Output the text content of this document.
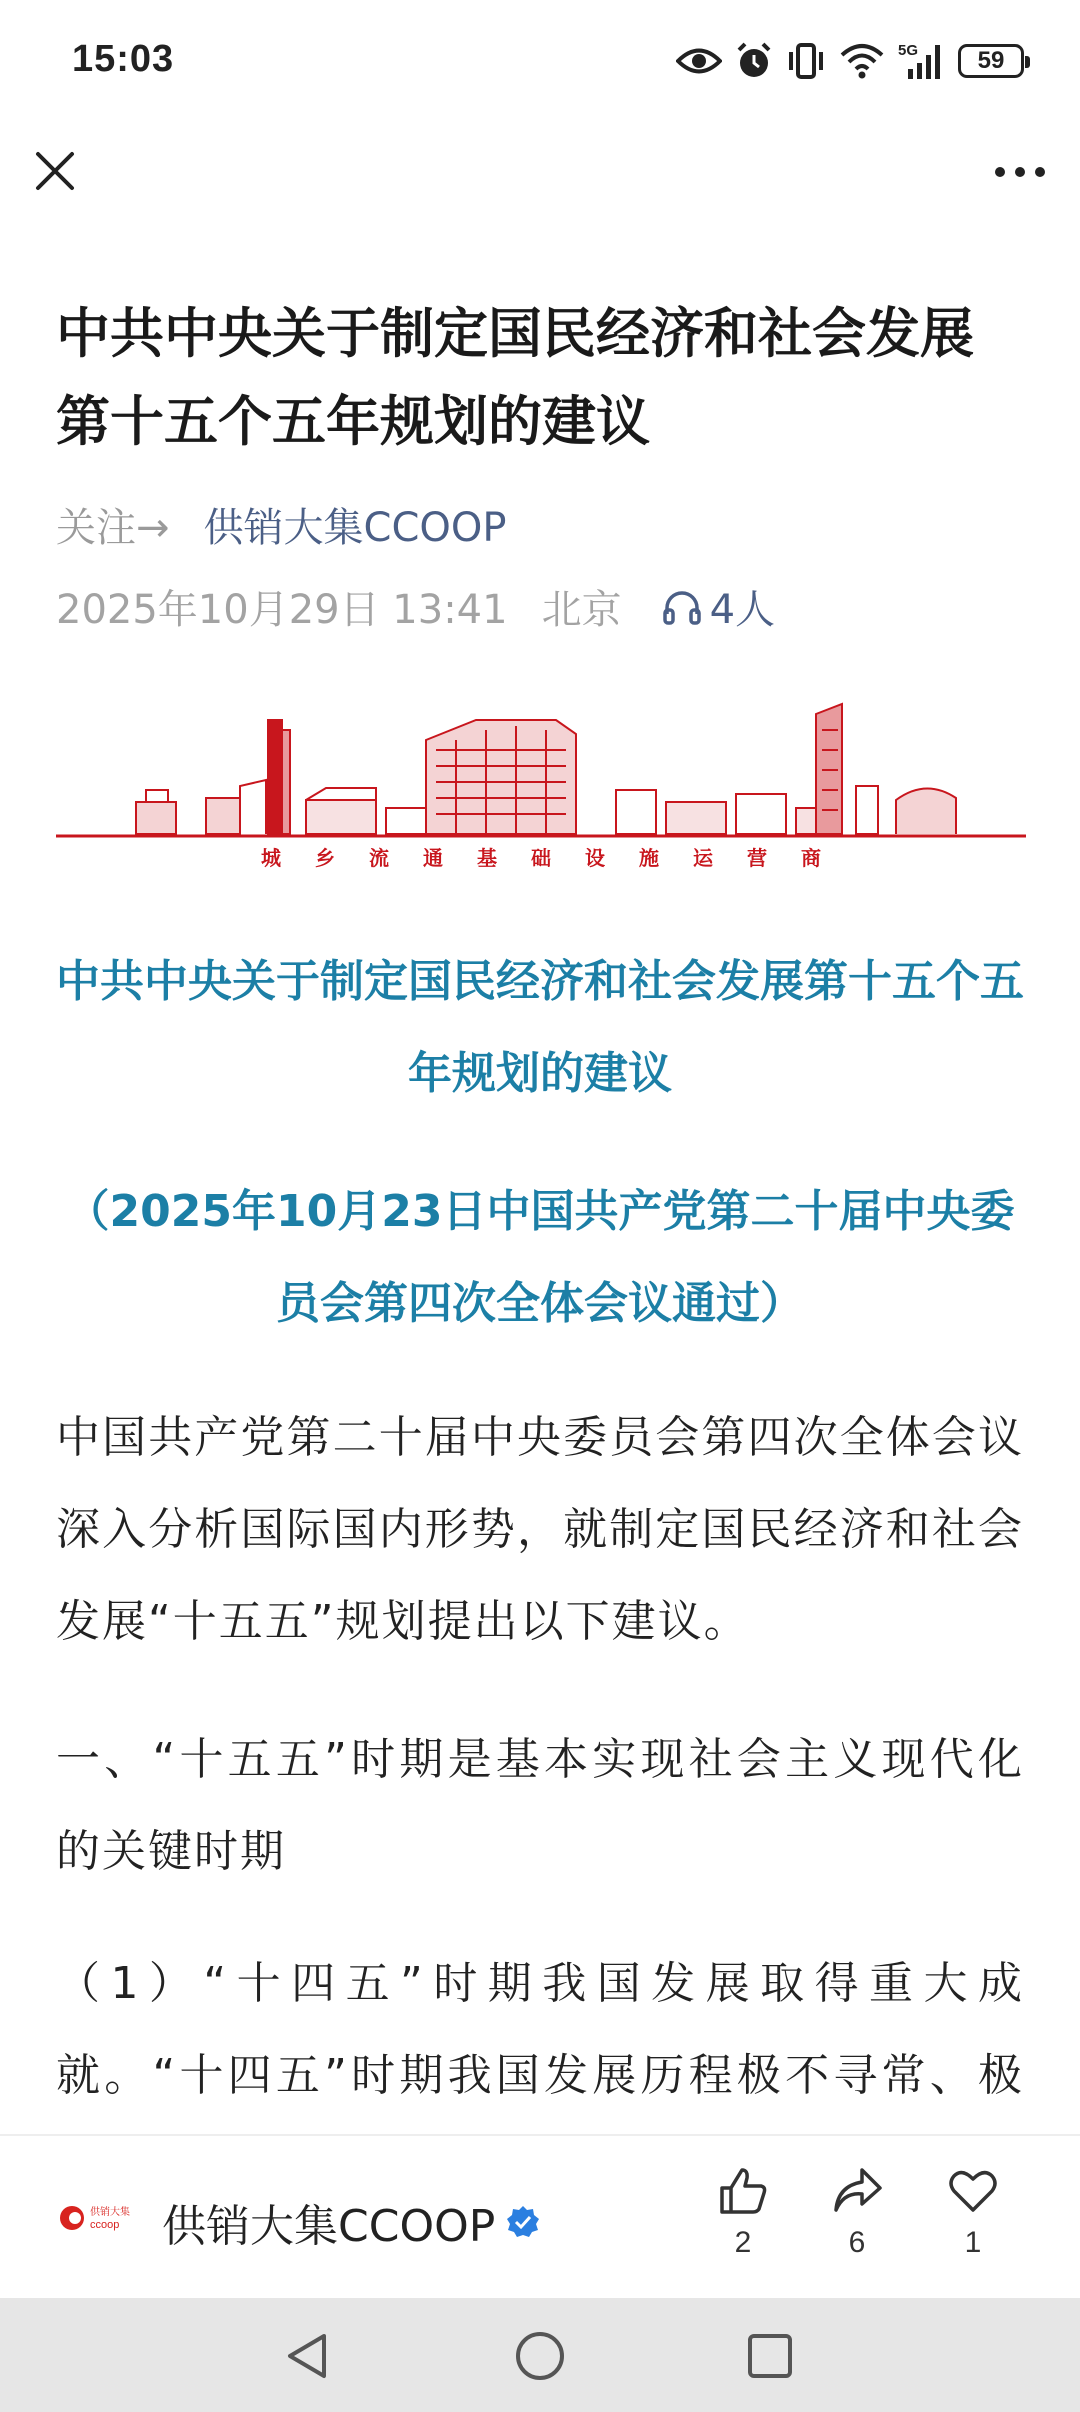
15:03	5G 59
中共中央关于制定国民经济和社会发展第十五个五年规划的建议
关注→ 供销大集CCOOP
2025年10月29日 13:41 北京 4人
城 乡 流 通 基 础 设 施 运 营 商
中共中央关于制定国民经济和社会发展第十五个五年规划的建议
（2025年10月23日中国共产党第二十届中央委员会第四次全体会议通过）
中国共产党第二十届中央委员会第四次全体会议深入分析国际国内形势，就制定国民经济和社会发展“十五五”规划提出以下建议。
一、“十五五”时期是基本实现社会主义现代化的关键时期
（1）“十四五”时期我国发展取得重大成就。“十四五”时期我国发展历程极不寻常、极
供销大集
ccoop 供销大集CCOOP	2	6	1
